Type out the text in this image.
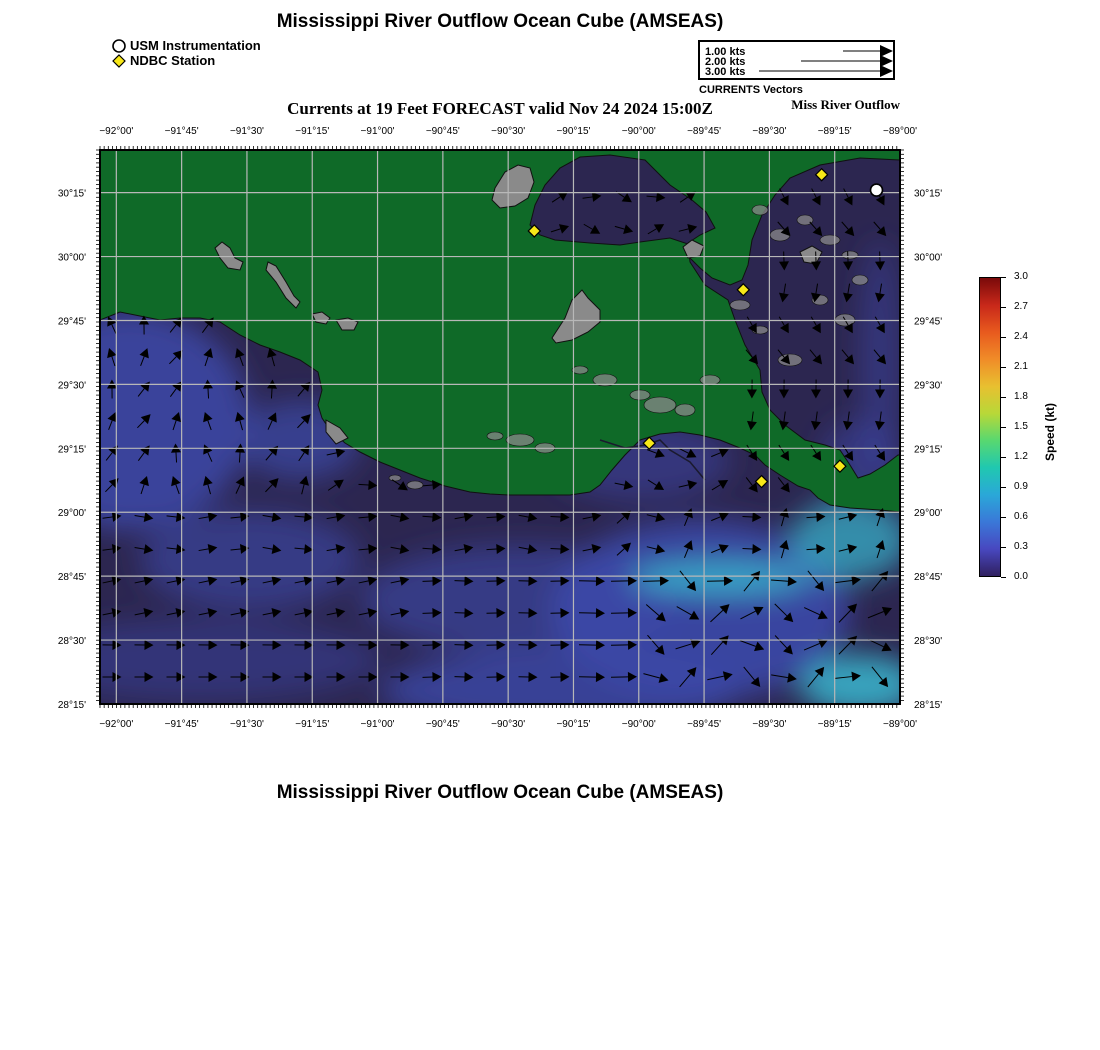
Mississippi River Outflow Ocean Cube (AMSEAS)
Currents at 19 Feet FORECAST valid Nov 24 2024 15:00Z	Miss River Outflow
Mississippi River Outflow Ocean Cube (AMSEAS)
USM Instrumentation
NDBC Station
1.00 kts
2.00 kts
3.00 kts
CURRENTS Vectors
−92°00'
−92°00'
−91°45'
−91°45'
−91°30'
−91°30'
−91°15'
−91°15'
−91°00'
−91°00'
−90°45'
−90°45'
−90°30'
−90°30'
−90°15'
−90°15'
−90°00'
−90°00'
−89°45'
−89°45'
−89°30'
−89°30'
−89°15'
−89°15'
−89°00'
−89°00'
30°15'	30°15'
30°00'	30°00'
29°45'	29°45'
29°30'	29°30'
29°15'	29°15'
29°00'	29°00'
28°45'	28°45'
28°30'	28°30'
28°15'	28°15'
3.0
2.7
2.4
2.1
1.8
1.5
1.2
0.9
0.6
0.3
0.0
Speed (kt)
